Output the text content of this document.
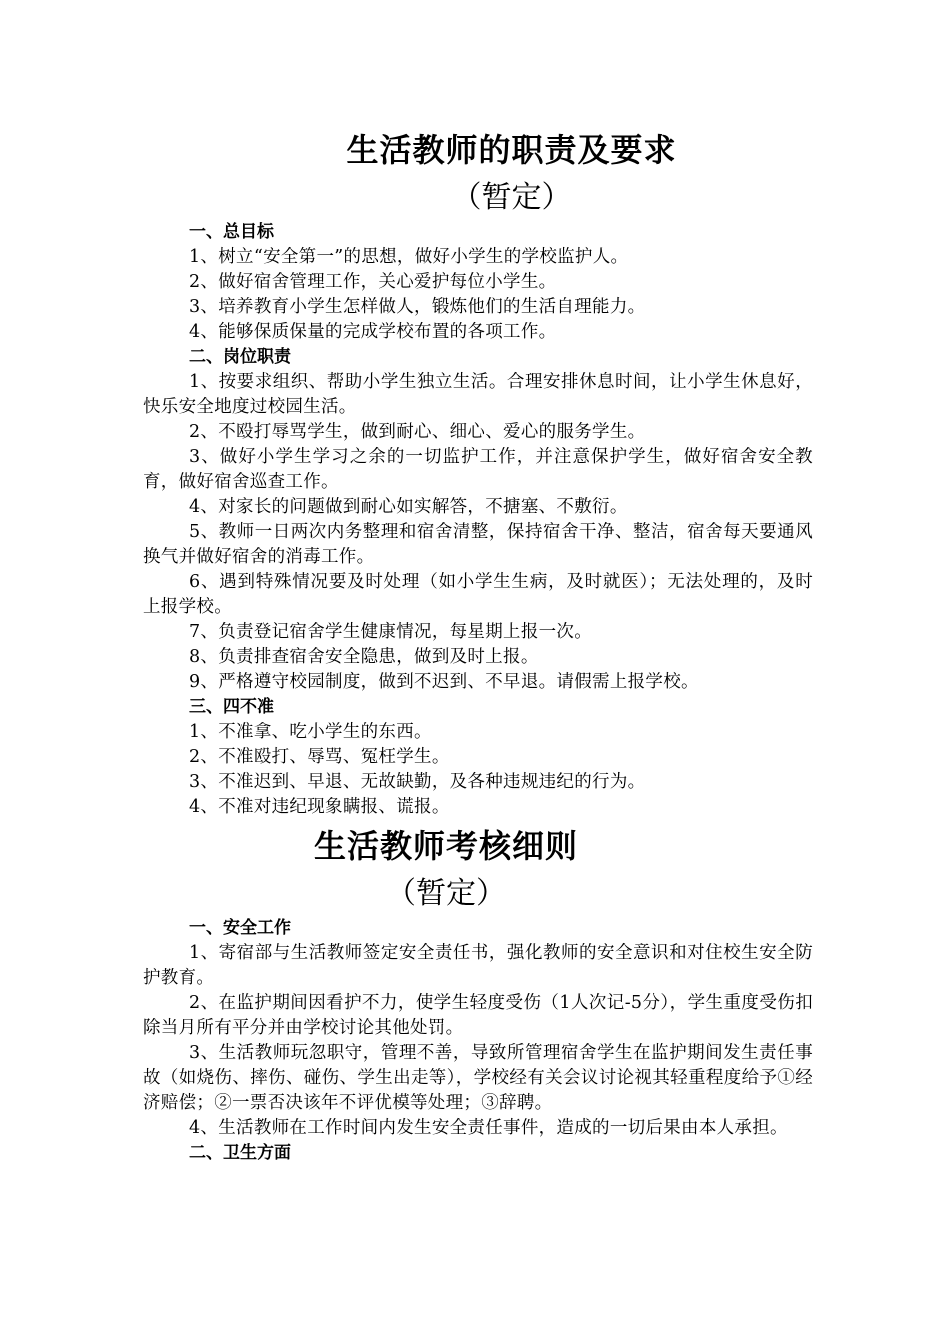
生活教师的职责及要求
（暂定）
一、总目标

1、树立“安全第一”的思想，做好小学生的学校监护人。

2、做好宿舍管理工作，关心爱护每位小学生。

3、培养教育小学生怎样做人，锻炼他们的生活自理能力。

4、能够保质保量的完成学校布置的各项工作。

二、岗位职责

1、按要求组织、帮助小学生独立生活。合理安排休息时间，让小学生休息好，快乐安全地度过校园生活。

2、不殴打辱骂学生，做到耐心、细心、爱心的服务学生。

3、做好小学生学习之余的一切监护工作，并注意保护学生，做好宿舍安全教育，做好宿舍巡查工作。

4、对家长的问题做到耐心如实解答，不搪塞、不敷衍。

5、教师一日两次内务整理和宿舍清整，保持宿舍干净、整洁，宿舍每天要通风换气并做好宿舍的消毒工作。

6、遇到特殊情况要及时处理（如小学生生病，及时就医）；无法处理的，及时上报学校。

7、负责登记宿舍学生健康情况，每星期上报一次。

8、负责排查宿舍安全隐患，做到及时上报。

9、严格遵守校园制度，做到不迟到、不早退。请假需上报学校。

三、四不准

1、不准拿、吃小学生的东西。

2、不准殴打、辱骂、冤枉学生。

3、不准迟到、早退、无故缺勤，及各种违规违纪的行为。

4、不准对违纪现象瞒报、谎报。

生活教师考核细则
（暂定）
一、安全工作

1、寄宿部与生活教师签定安全责任书，强化教师的安全意识和对住校生安全防护教育。

2、在监护期间因看护不力，使学生轻度受伤（1人次记-5分），学生重度受伤扣除当月所有平分并由学校讨论其他处罚。

3、生活教师玩忽职守，管理不善，导致所管理宿舍学生在监护期间发生责任事故（如烧伤、摔伤、碰伤、学生出走等），学校经有关会议讨论视其轻重程度给予①经济赔偿；②一票否决该年不评优模等处理；③辞聘。

4、生活教师在工作时间内发生安全责任事件，造成的一切后果由本人承担。

二、卫生方面
